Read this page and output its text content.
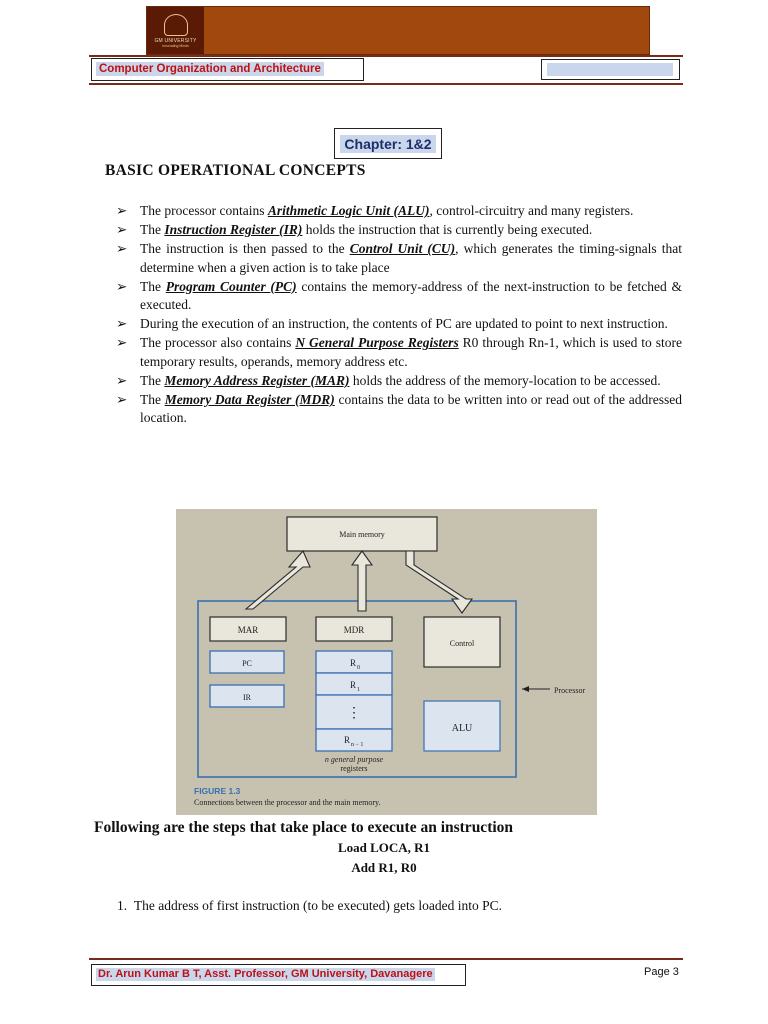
GM UNIVERSITY
Innovating Minds
Computer Organization and Architecture
Chapter: 1&2
BASIC OPERATIONAL CONCEPTS
➢ The processor contains Arithmetic Logic Unit (ALU), control-circuitry and many registers.
➢ The Instruction Register (IR) holds the instruction that is currently being executed.
➢ The instruction is then passed to the Control Unit (CU), which generates the timing-signals that determine when a given action is to take place
➢ The Program Counter (PC) contains the memory-address of the next-instruction to be fetched & executed.
➢ During the execution of an instruction, the contents of PC are updated to point to next instruction.
➢ The processor also contains N General Purpose Registers R0 through Rn-1, which is used to store temporary results, operands, memory address etc.
➢ The Memory Address Register (MAR) holds the address of the memory-location to be accessed.
➢ The Memory Data Register (MDR) contains the data to be written into or read out of the addressed location.
Main memory
MAR	MDR
Control
PC
IR
ALU
R 0
R 1
⋮
R n − 1
n general purpose
registers
Processor
FIGURE 1.3
Connections between the processor and the main memory.
Following are the steps that take place to execute an instruction
Load LOCA, R1
Add R1, R0
1. The address of first instruction (to be executed) gets loaded into PC.
Dr. Arun Kumar B T, Asst. Professor, GM University, Davanagere	Page 3
